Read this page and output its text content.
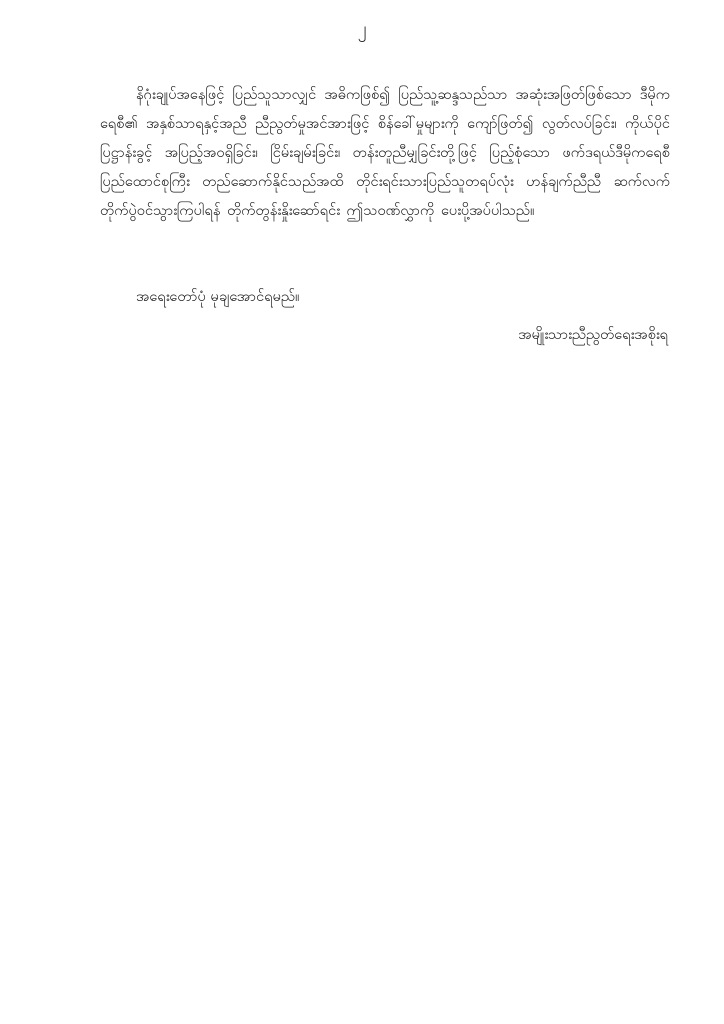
၂

နိဂုံးချုပ်အနေဖြင့် ပြည်သူသာလျှင် အဓိကဖြစ်၍ ပြည်သူ့ဆန္ဒသည်သာ အဆုံးအဖြတ်ဖြစ်သော ဒီမိုကရေစီ၏ အနှစ်သာရနှင့်အညီ ညီညွတ်မှုအင်အားဖြင့် စိန်ခေါ်မှုများကို ကျော်ဖြတ်၍ လွတ်လပ်ခြင်း၊ ကိုယ်ပိုင်ပြဋ္ဌာန်းခွင့် အပြည့်အဝရှိခြင်း၊ ငြိမ်းချမ်းခြင်း၊ တန်းတူညီမျှခြင်းတို့ဖြင့် ပြည့်စုံသော ဖက်ဒရယ်ဒီမိုကရေစီပြည်ထောင်စုကြီး တည်ဆောက်နိုင်သည်အထိ တိုင်းရင်းသားပြည်သူတရပ်လုံး ဟန်ချက်ညီညီ ဆက်လက်တိုက်ပွဲဝင်သွားကြပါရန် တိုက်တွန်းနှိုးဆော်ရင်း ဤသဝဏ်လွှာကို ပေးပို့အပ်ပါသည်။

အရေးတော်ပုံ မုချအောင်ရမည်။

အမျိုးသားညီညွတ်ရေးအစိုးရ
